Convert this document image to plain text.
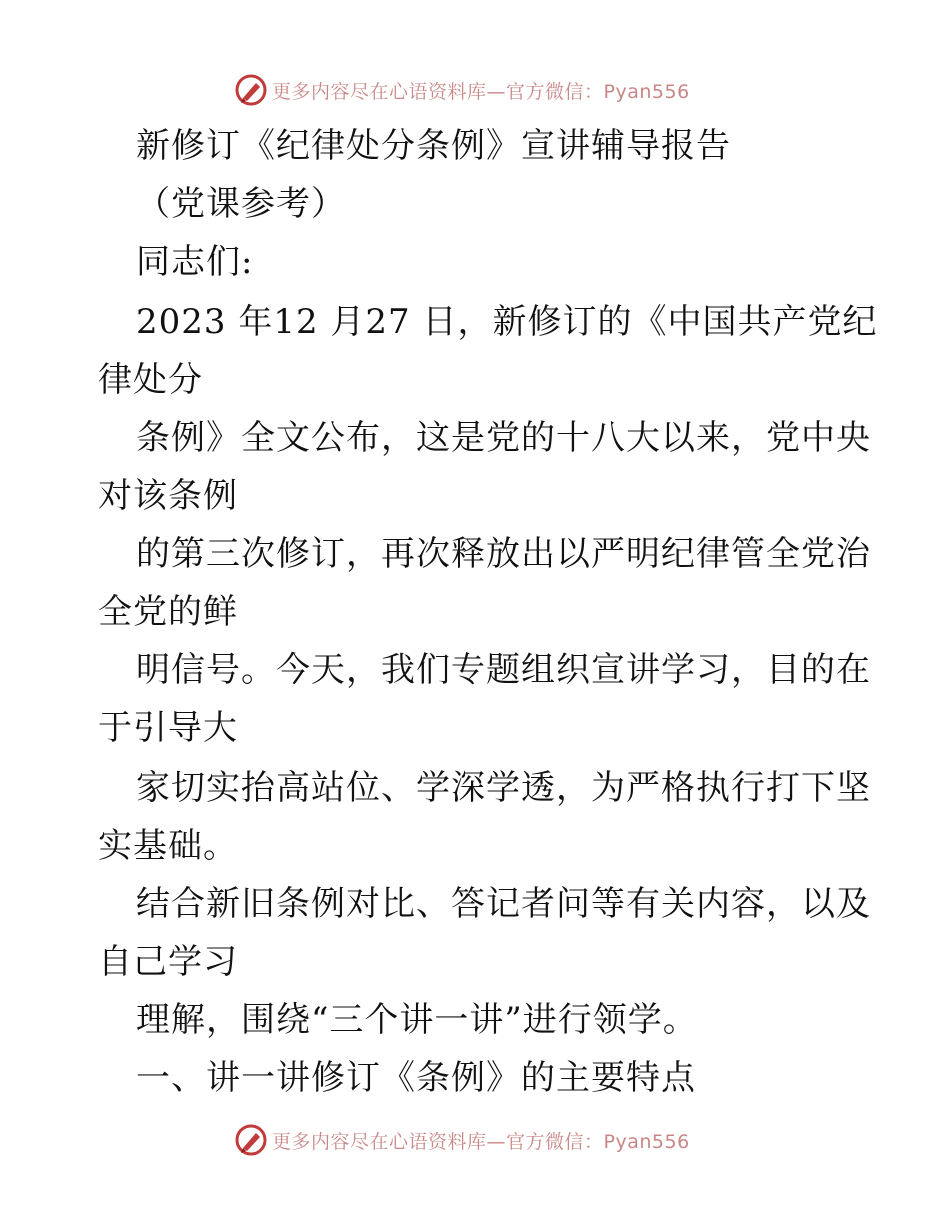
更多内容尽在心语资料库—官方微信：Pyan556
新修订《纪律处分条例》宣讲辅导报告
（党课参考）
同志们:
2023 年12 月27 日，新修订的《中国共产党纪
律处分
条例》全文公布，这是党的十八大以来，党中央
对该条例
的第三次修订，再次释放出以严明纪律管全党治
全党的鲜
明信号。今天，我们专题组织宣讲学习，目的在
于引导大
家切实抬高站位、学深学透，为严格执行打下坚
实基础。
结合新旧条例对比、答记者问等有关内容，以及
自己学习
理解，围绕“三个讲一讲”进行领学。
一、讲一讲修订《条例》的主要特点
更多内容尽在心语资料库—官方微信：Pyan556
